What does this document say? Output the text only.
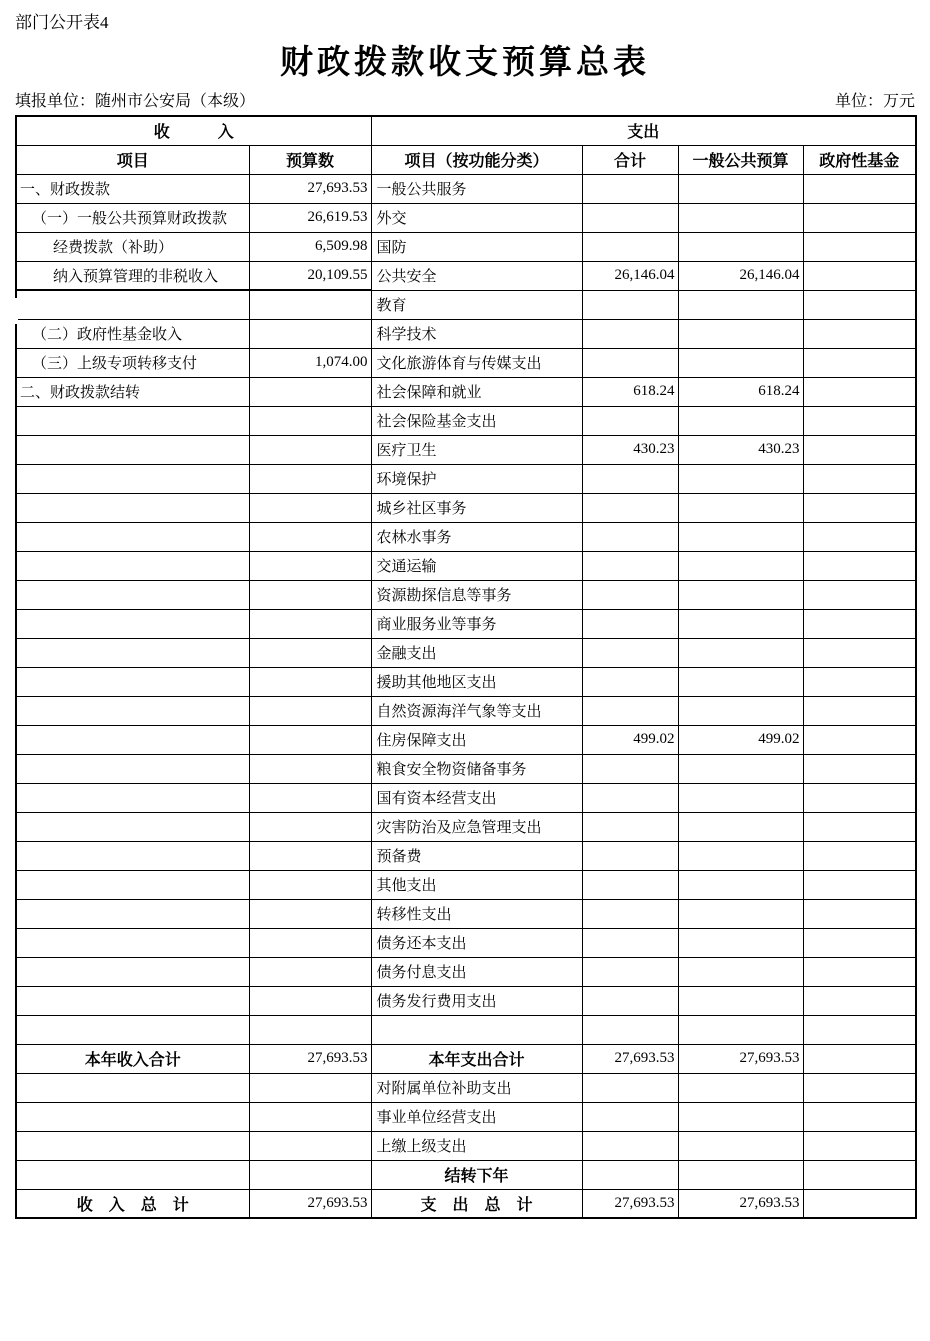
部门公开表4
财政拨款收支预算总表
填报单位：随州市公安局（本级）	单位：万元
收　　　入		支出			
项目	预算数	项目（按功能分类）	合计	一般公共预算	政府性基金
一、财政拨款	27,693.53	一般公共服务			
（一）一般公共预算财政拨款	26,619.53	外交			
经费拨款（补助）	6,509.98	国防			
纳入预算管理的非税收入	20,109.55	公共安全	26,146.04	26,146.04	
		教育			
（二）政府性基金收入		科学技术			
（三）上级专项转移支付	1,074.00	文化旅游体育与传媒支出			
二、财政拨款结转		社会保障和就业	618.24	618.24	
		社会保险基金支出			
		医疗卫生	430.23	430.23	
		环境保护			
		城乡社区事务			
		农林水事务			
		交通运输			
		资源勘探信息等事务			
		商业服务业等事务			
		金融支出			
		援助其他地区支出			
		自然资源海洋气象等支出			
		住房保障支出	499.02	499.02	
		粮食安全物资储备事务			
		国有资本经营支出			
		灾害防治及应急管理支出			
		预备费			
		其他支出			
		转移性支出			
		债务还本支出			
		债务付息支出			
		债务发行费用支出			

本年收入合计	27,693.53	本年支出合计	27,693.53	27,693.53	
		对附属单位补助支出			
		事业单位经营支出			
		上缴上级支出			
		结转下年			
收　入　总　计	27,693.53	支　出　总　计	27,693.53	27,693.53	
